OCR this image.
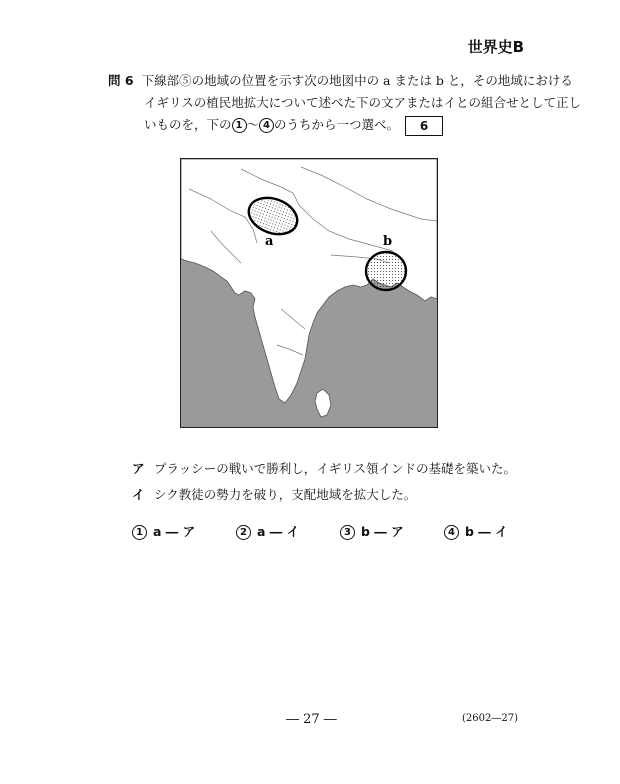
世界史B
問 6 下線部⑤の地域の位置を示す次の地図中の a または b と，その地域における
イギリスの植民地拡大について述べた下の文アまたはイとの組合せとして正し
いものを，下の 1 〜 4 のうちから一つ選べ。 6
a	b
ア プラッシーの戦いで勝利し，イギリス領インドの基礎を築いた。
イ シク教徒の勢力を破り，支配地域を拡大した。
1 a ― ア	2 a ― イ	3 b ― ア	4 b ― イ
― 27 ―	(2602―27)
